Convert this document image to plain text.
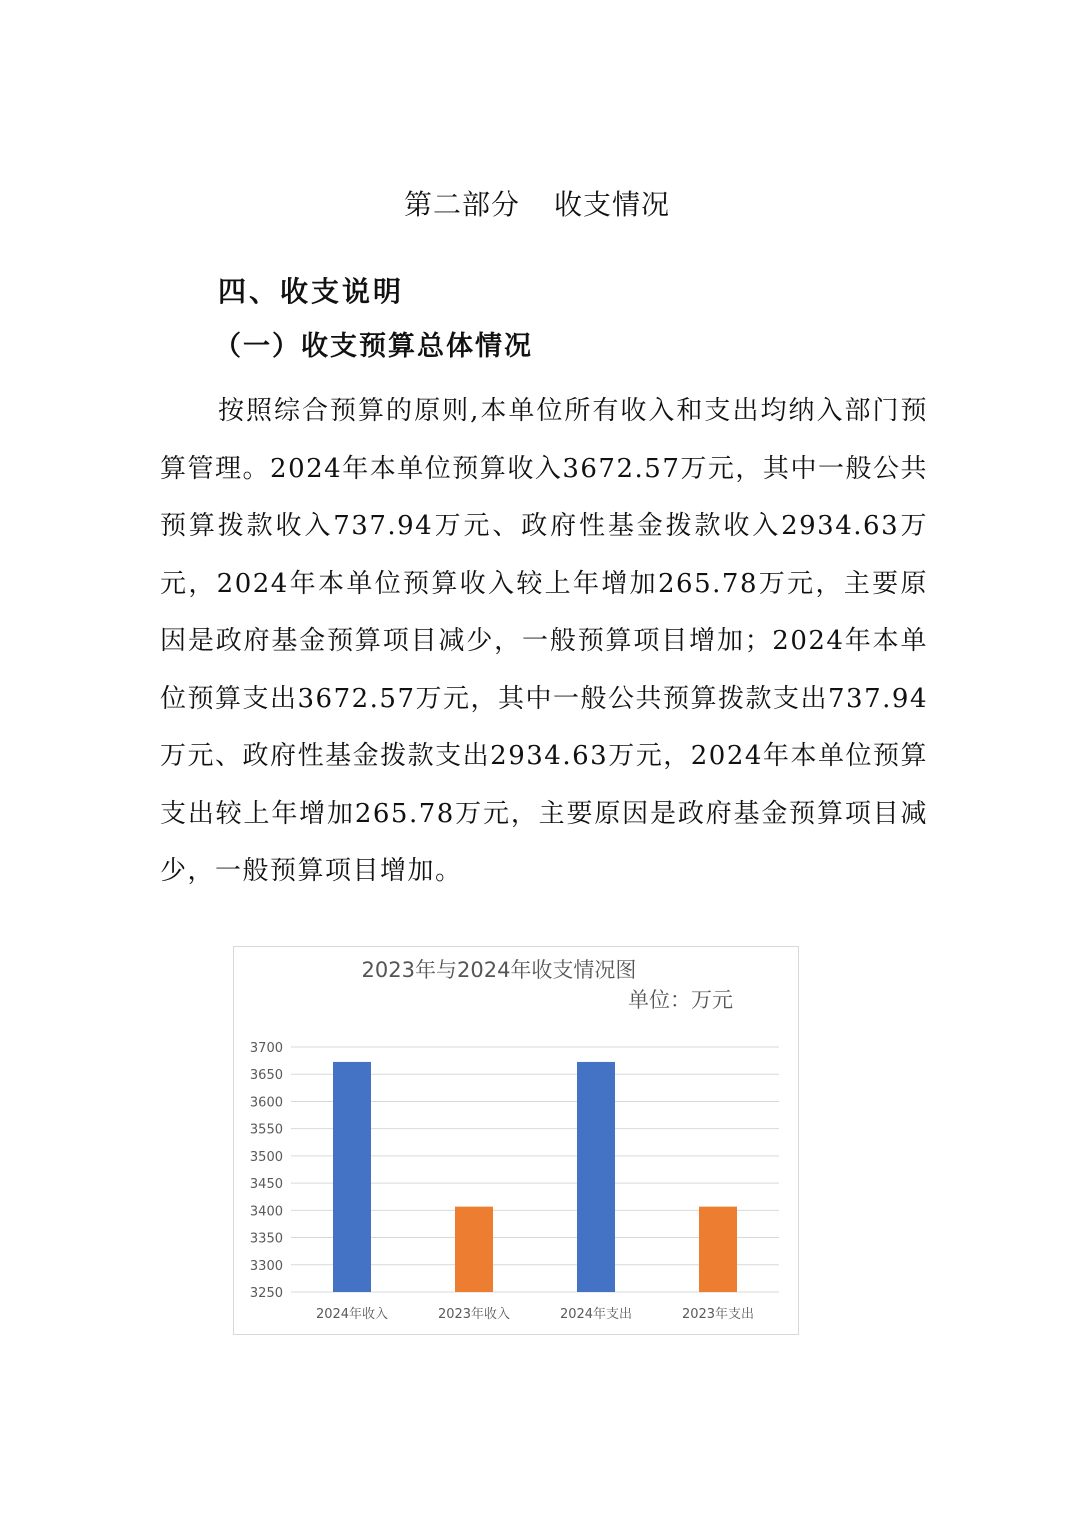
第二部分 收支情况
四、收支说明
（一）收支预算总体情况

按照综合预算的原则,本单位所有收入和支出均纳入部门预算管理。2024年本单位预算收入3672.57万元，其中一般公共预算拨款收入737.94万元、政府性基金拨款收入2934.63万元，2024年本单位预算收入较上年增加265.78万元，主要原因是政府基金预算项目减少，一般预算项目增加；2024年本单位预算支出3672.57万元，其中一般公共预算拨款支出737.94万元、政府性基金拨款支出2934.63万元，2024年本单位预算支出较上年增加265.78万元，主要原因是政府基金预算项目减少，一般预算项目增加。

2023年与2024年收支情况图
单位：万元
3250
3300
3350
3400
3450
3500
3550
3600
3650
3700
2024年收入	2023年收入	2024年支出	2023年支出
